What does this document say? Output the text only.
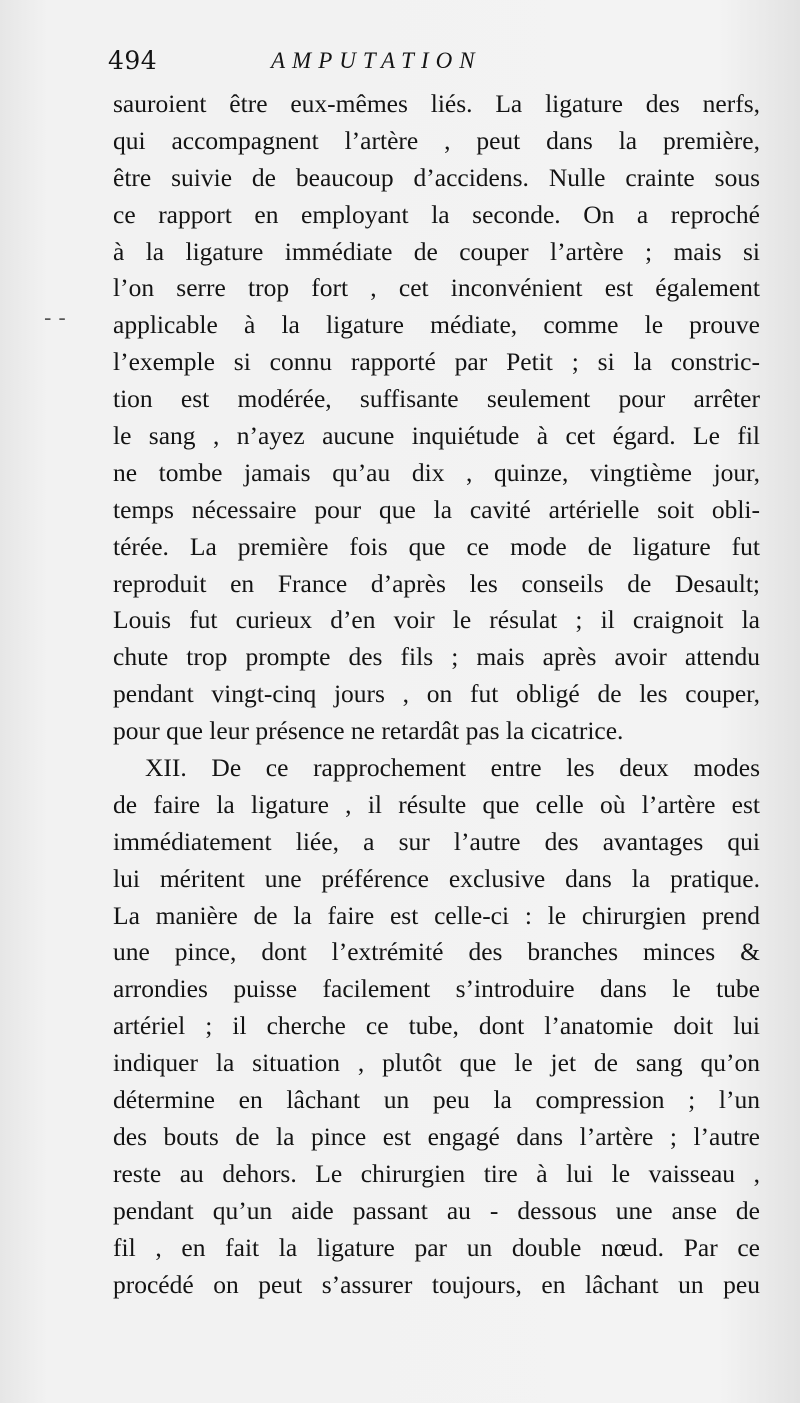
- -
494	AMPUTATION
sauroient être eux-mêmes liés. La ligature des nerfs,
qui accompagnent l’artère , peut dans la première,
être suivie de beaucoup d’accidens. Nulle crainte sous
ce rapport en employant la seconde. On a reproché
à la ligature immédiate de couper l’artère ; mais si
l’on serre trop fort , cet inconvénient est également
applicable à la ligature médiate, comme le prouve
l’exemple si connu rapporté par Petit ; si la constric-
tion est modérée, suffisante seulement pour arrêter
le sang , n’ayez aucune inquiétude à cet égard. Le fil
ne tombe jamais qu’au dix , quinze, vingtième jour,
temps nécessaire pour que la cavité artérielle soit obli-
térée. La première fois que ce mode de ligature fut
reproduit en France d’après les conseils de Desault;
Louis fut curieux d’en voir le résulat ; il craignoit la
chute trop prompte des fils ; mais après avoir attendu
pendant vingt-cinq jours , on fut obligé de les couper,
pour que leur présence ne retardât pas la cicatrice.
XII. De ce rapprochement entre les deux modes
de faire la ligature , il résulte que celle où l’artère est
immédiatement liée, a sur l’autre des avantages qui
lui méritent une préférence exclusive dans la pratique.
La manière de la faire est celle-ci : le chirurgien prend
une pince, dont l’extrémité des branches minces &
arrondies puisse facilement s’introduire dans le tube
artériel ; il cherche ce tube, dont l’anatomie doit lui
indiquer la situation , plutôt que le jet de sang qu’on
détermine en lâchant un peu la compression ; l’un
des bouts de la pince est engagé dans l’artère ; l’autre
reste au dehors. Le chirurgien tire à lui le vaisseau ,
pendant qu’un aide passant au - dessous une anse de
fil , en fait la ligature par un double nœud. Par ce
procédé on peut s’assurer toujours, en lâchant un peu
